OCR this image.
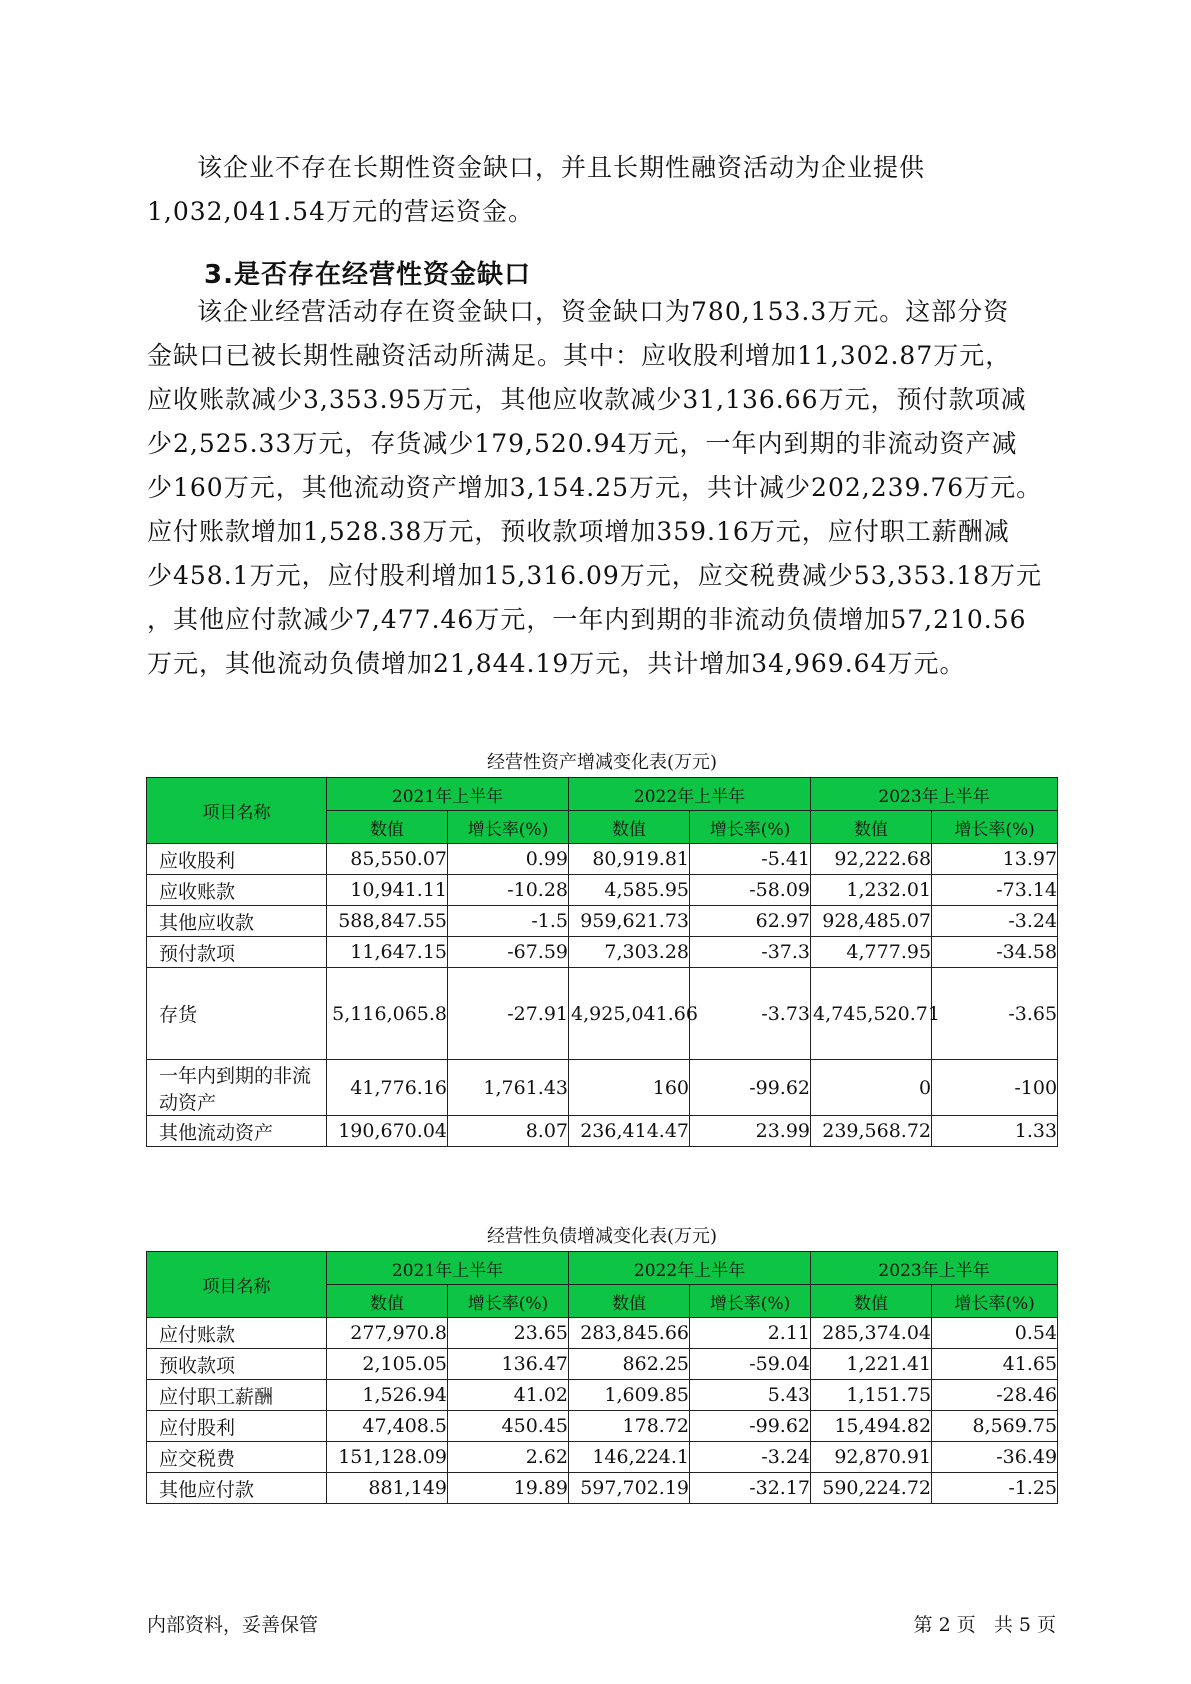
该企业不存在长期性资金缺口，并且长期性融资活动为企业提供
1,032,041.54万元的营运资金。
3.是否存在经营性资金缺口
该企业经营活动存在资金缺口，资金缺口为780,153.3万元。这部分资
金缺口已被长期性融资活动所满足。其中：应收股利增加11,302.87万元，
应收账款减少3,353.95万元，其他应收款减少31,136.66万元，预付款项减
少2,525.33万元，存货减少179,520.94万元，一年内到期的非流动资产减
少160万元，其他流动资产增加3,154.25万元，共计减少202,239.76万元。
应付账款增加1,528.38万元，预收款项增加359.16万元，应付职工薪酬减
少458.1万元，应付股利增加15,316.09万元，应交税费减少53,353.18万元
，其他应付款减少7,477.46万元，一年内到期的非流动负债增加57,210.56
万元，其他流动负债增加21,844.19万元，共计增加34,969.64万元。

经营性资产增减变化表(万元)

项目名称	2021年上半年		2022年上半年		2023年上半年	
	数值	增长率(%)	数值	增长率(%)	数值	增长率(%)
应收股利	85,550.07	0.99	80,919.81	-5.41	92,222.68	13.97
应收账款	10,941.11	-10.28	4,585.95	-58.09	1,232.01	-73.14
其他应收款	588,847.55	-1.5	959,621.73	62.97	928,485.07	-3.24
预付款项	11,647.15	-67.59	7,303.28	-37.3	4,777.95	-34.58
存货	5,116,065.8	-27.91	4,925,041.66	-3.73	4,745,520.71	-3.65
一年内到期的非流动资产	41,776.16	1,761.43	160	-99.62	0	-100
其他流动资产	190,670.04	8.07	236,414.47	23.99	239,568.72	1.33

经营性负债增减变化表(万元)

项目名称	2021年上半年		2022年上半年		2023年上半年	
	数值	增长率(%)	数值	增长率(%)	数值	增长率(%)
应付账款	277,970.8	23.65	283,845.66	2.11	285,374.04	0.54
预收款项	2,105.05	136.47	862.25	-59.04	1,221.41	41.65
应付职工薪酬	1,526.94	41.02	1,609.85	5.43	1,151.75	-28.46
应付股利	47,408.5	450.45	178.72	-99.62	15,494.82	8,569.75
应交税费	151,128.09	2.62	146,224.1	-3.24	92,870.91	-36.49
其他应付款	881,149	19.89	597,702.19	-32.17	590,224.72	-1.25

内部资料，妥善保管	第 2 页   共 5 页
